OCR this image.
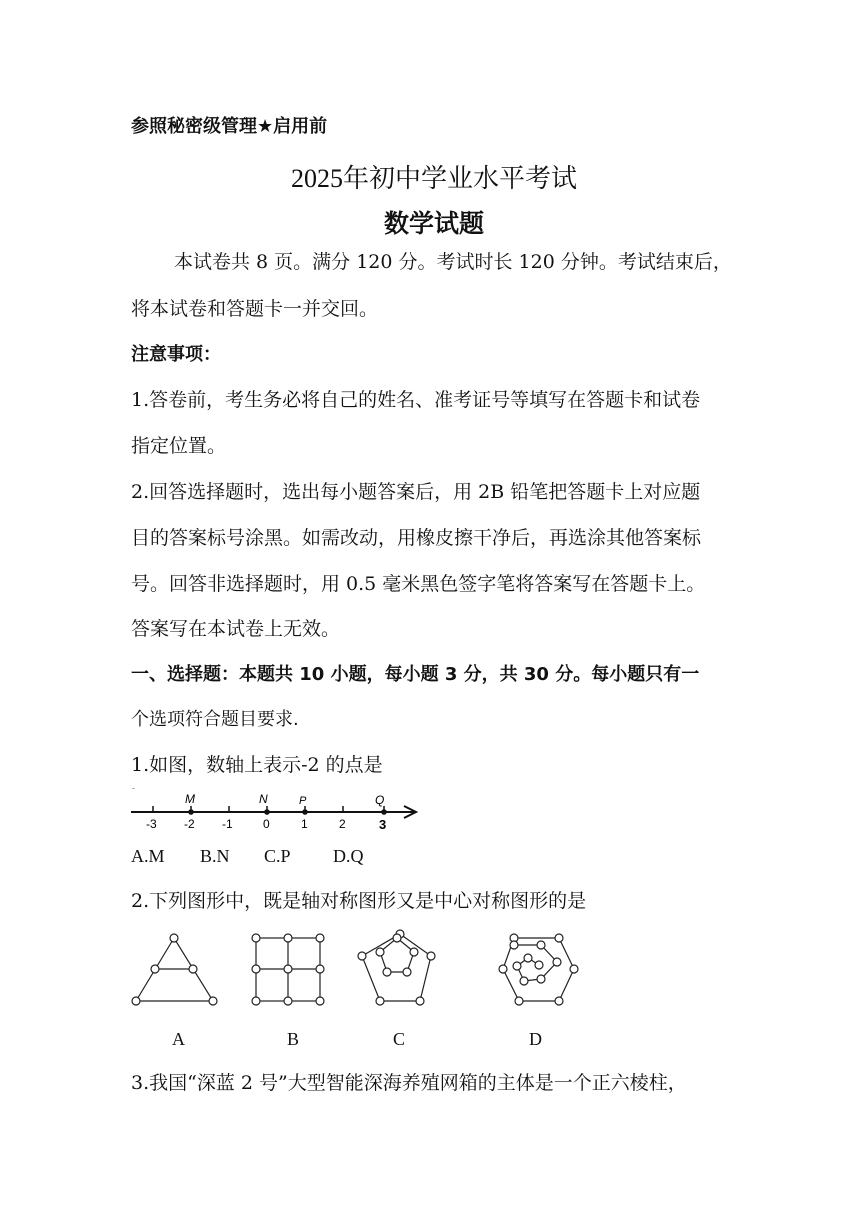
参照秘密级管理★启用前
2025年初中学业水平考试
数学试题
本试卷共 8 页。满分 120 分。考试时长 120 分钟。考试结束后，
将本试卷和答题卡一并交回。
注意事项：
1.答卷前，考生务必将自己的姓名、准考证号等填写在答题卡和试卷
指定位置。
2.回答选择题时，选出每小题答案后，用 2B 铅笔把答题卡上对应题
目的答案标号涂黑。如需改动，用橡皮擦干净后，再选涂其他答案标
号。回答非选择题时，用 0.5 毫米黑色签字笔将答案写在答题卡上。
答案写在本试卷上无效。
一、选择题：本题共 10 小题，每小题 3 分，共 30 分。每小题只有一
个选项符合题目要求.
1.如图，数轴上表示-2 的点是
-3 -2 -1	0	1	2	3
M	N	P	Q
A.M B.N C.P D.Q
2.下列图形中，既是轴对称图形又是中心对称图形的是
A	B	C	D
3.我国“深蓝 2 号”大型智能深海养殖网箱的主体是一个正六棱柱，
